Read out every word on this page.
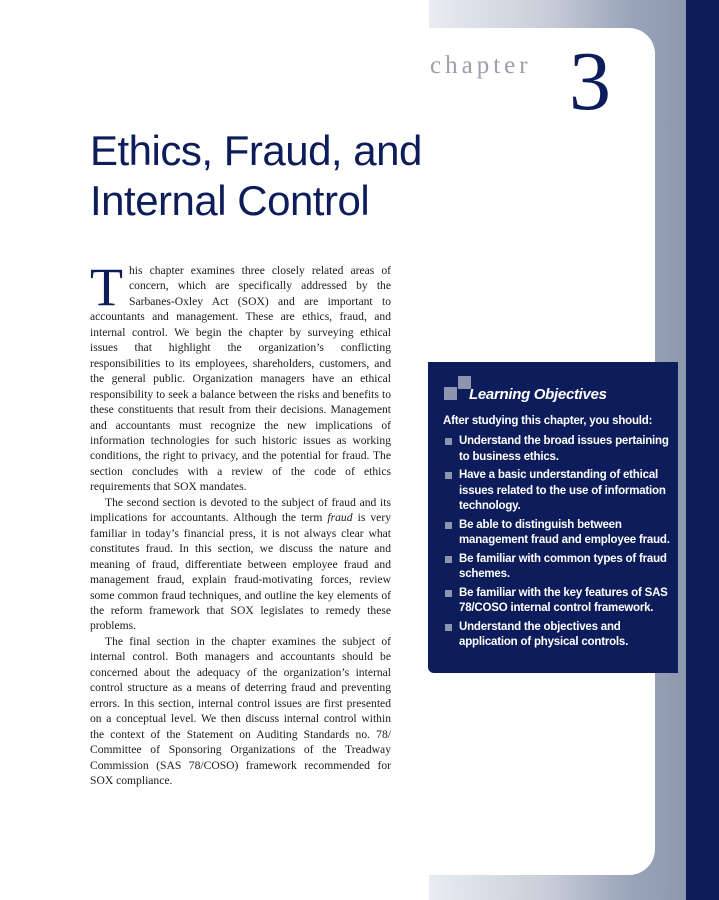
chapter 3
Ethics, Fraud, and
Internal Control

This chapter examines three closely related areas of concern, which are specifically addressed by the Sarbanes-Oxley Act (SOX) and are important to accountants and management. These are ethics, fraud, and internal control. We begin the chapter by surveying ethical issues that highlight the organization’s conflicting responsibilities to its employees, shareholders, customers, and the general public. Organization managers have an ethical responsibility to seek a balance between the risks and benefits to these constituents that result from their decisions. Management and accountants must recognize the new implications of information technologies for such historic issues as working conditions, the right to privacy, and the potential for fraud. The section concludes with a review of the code of ethics requirements that SOX mandates.

The second section is devoted to the subject of fraud and its implications for accountants. Although the term fraud is very familiar in today’s financial press, it is not always clear what constitutes fraud. In this section, we discuss the nature and meaning of fraud, differentiate between employee fraud and management fraud, explain fraud-motivating forces, review some common fraud techniques, and outline the key elements of the reform framework that SOX legislates to remedy these problems.

The final section in the chapter examines the subject of internal control. Both managers and accountants should be concerned about the adequacy of the organization’s internal control structure as a means of deterring fraud and preventing errors. In this section, internal control issues are first presented on a conceptual level. We then discuss internal control within the context of the Statement on Auditing Standards no. 78/ Committee of Sponsoring Organizations of the Treadway Commission (SAS 78/COSO) framework recommended for SOX compliance.

Learning Objectives
After studying this chapter, you should:
Understand the broad issues pertaining to business ethics.
Have a basic understanding of ethical issues related to the use of information technology.
Be able to distinguish between management fraud and employee fraud.
Be familiar with common types of fraud schemes.
Be familiar with the key features of SAS 78/COSO internal control framework.
Understand the objectives and application of physical controls.
